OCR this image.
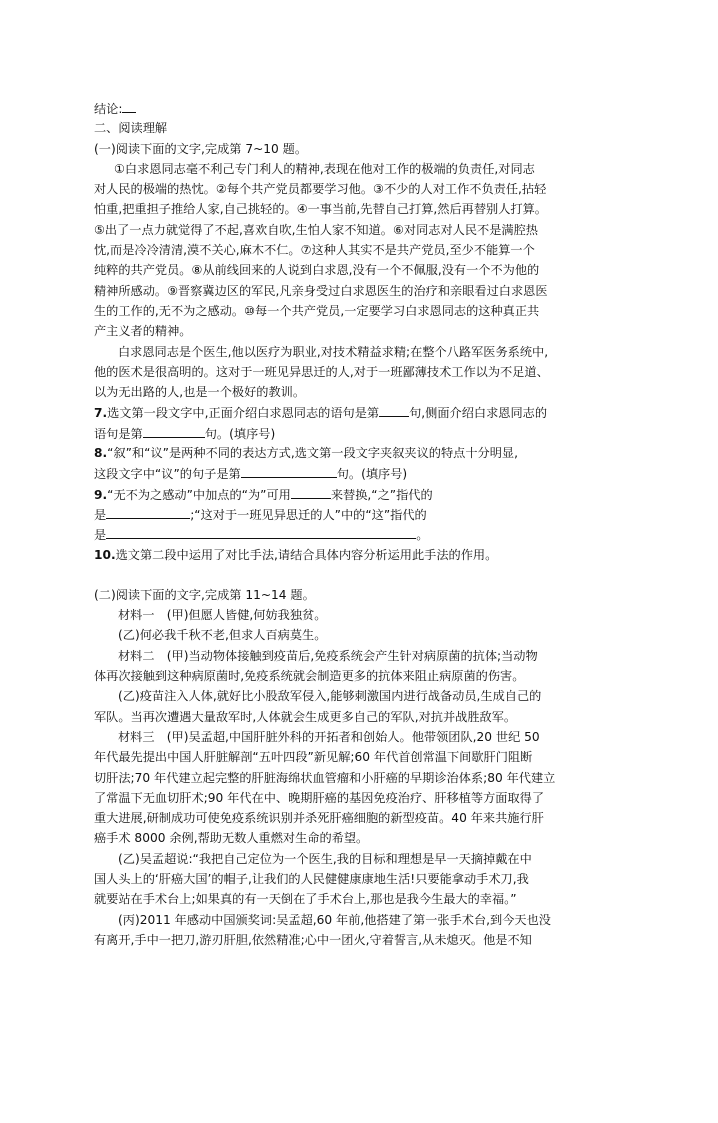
结论:
二、阅读理解
(一)阅读下面的文字,完成第 7~10 题。
①白求恩同志毫不利己专门利人的精神,表现在他对工作的极端的负责任,对同志
对人民的极端的热忱。②每个共产党员都要学习他。③不少的人对工作不负责任,拈轻
怕重,把重担子推给人家,自己挑轻的。④一事当前,先替自己打算,然后再替别人打算。
⑤出了一点力就觉得了不起,喜欢自吹,生怕人家不知道。⑥对同志对人民不是满腔热
忱,而是冷冷清清,漠不关心,麻木不仁。⑦这种人其实不是共产党员,至少不能算一个
纯粹的共产党员。⑧从前线回来的人说到白求恩,没有一个不佩服,没有一个不为他的
精神所感动。⑨晋察冀边区的军民,凡亲身受过白求恩医生的治疗和亲眼看过白求恩医
生的工作的,无不为之感动。⑩每一个共产党员,一定要学习白求恩同志的这种真正共
产主义者的精神。
白求恩同志是个医生,他以医疗为职业,对技术精益求精;在整个八路军医务系统中,
他的医术是很高明的。这对于一班见异思迁的人,对于一班鄙薄技术工作以为不足道、
以为无出路的人,也是一个极好的教训。
7.选文第一段文字中,正面介绍白求恩同志的语句是第 句,侧面介绍白求恩同志的
语句是第	句。(填序号)
8.“叙”和“议”是两种不同的表达方式,选文第一段文字夹叙夹议的特点十分明显,
这段文字中“议”的句子是第	句。(填序号)
9.“无不为之感动”中加点的“为”可用	来替换,“之”指代的
是	;“这对于一班见异思迁的人”中的“这”指代的
是	。
10.选文第二段中运用了对比手法,请结合具体内容分析运用此手法的作用。
(二)阅读下面的文字,完成第 11~14 题。
材料一　(甲)但愿人皆健,何妨我独贫。
(乙)何必我千秋不老,但求人百病莫生。
材料二　(甲)当动物体接触到疫苗后,免疫系统会产生针对病原菌的抗体;当动物
体再次接触到这种病原菌时,免疫系统就会制造更多的抗体来阻止病原菌的伤害。
(乙)疫苗注入人体,就好比小股敌军侵入,能够刺激国内进行战备动员,生成自己的
军队。当再次遭遇大量敌军时,人体就会生成更多自己的军队,对抗并战胜敌军。
材料三　(甲)吴孟超,中国肝脏外科的开拓者和创始人。他带领团队,20 世纪 50
年代最先提出中国人肝脏解剖“五叶四段”新见解;60 年代首创常温下间歇肝门阻断
切肝法;70 年代建立起完整的肝脏海绵状血管瘤和小肝癌的早期诊治体系;80 年代建立
了常温下无血切肝术;90 年代在中、晚期肝癌的基因免疫治疗、肝移植等方面取得了
重大进展,研制成功可使免疫系统识别并杀死肝癌细胞的新型疫苗。40 年来共施行肝
癌手术 8000 余例,帮助无数人重燃对生命的希望。
(乙)吴孟超说:“我把自己定位为一个医生,我的目标和理想是早一天摘掉戴在中
国人头上的‘肝癌大国’的帽子,让我们的人民健健康康地生活!只要能拿动手术刀,我
就要站在手术台上;如果真的有一天倒在了手术台上,那也是我今生最大的幸福。”
(丙)2011 年感动中国颁奖词:吴孟超,60 年前,他搭建了第一张手术台,到今天也没
有离开,手中一把刀,游刃肝胆,依然精准;心中一团火,守着誓言,从未熄灭。他是不知
